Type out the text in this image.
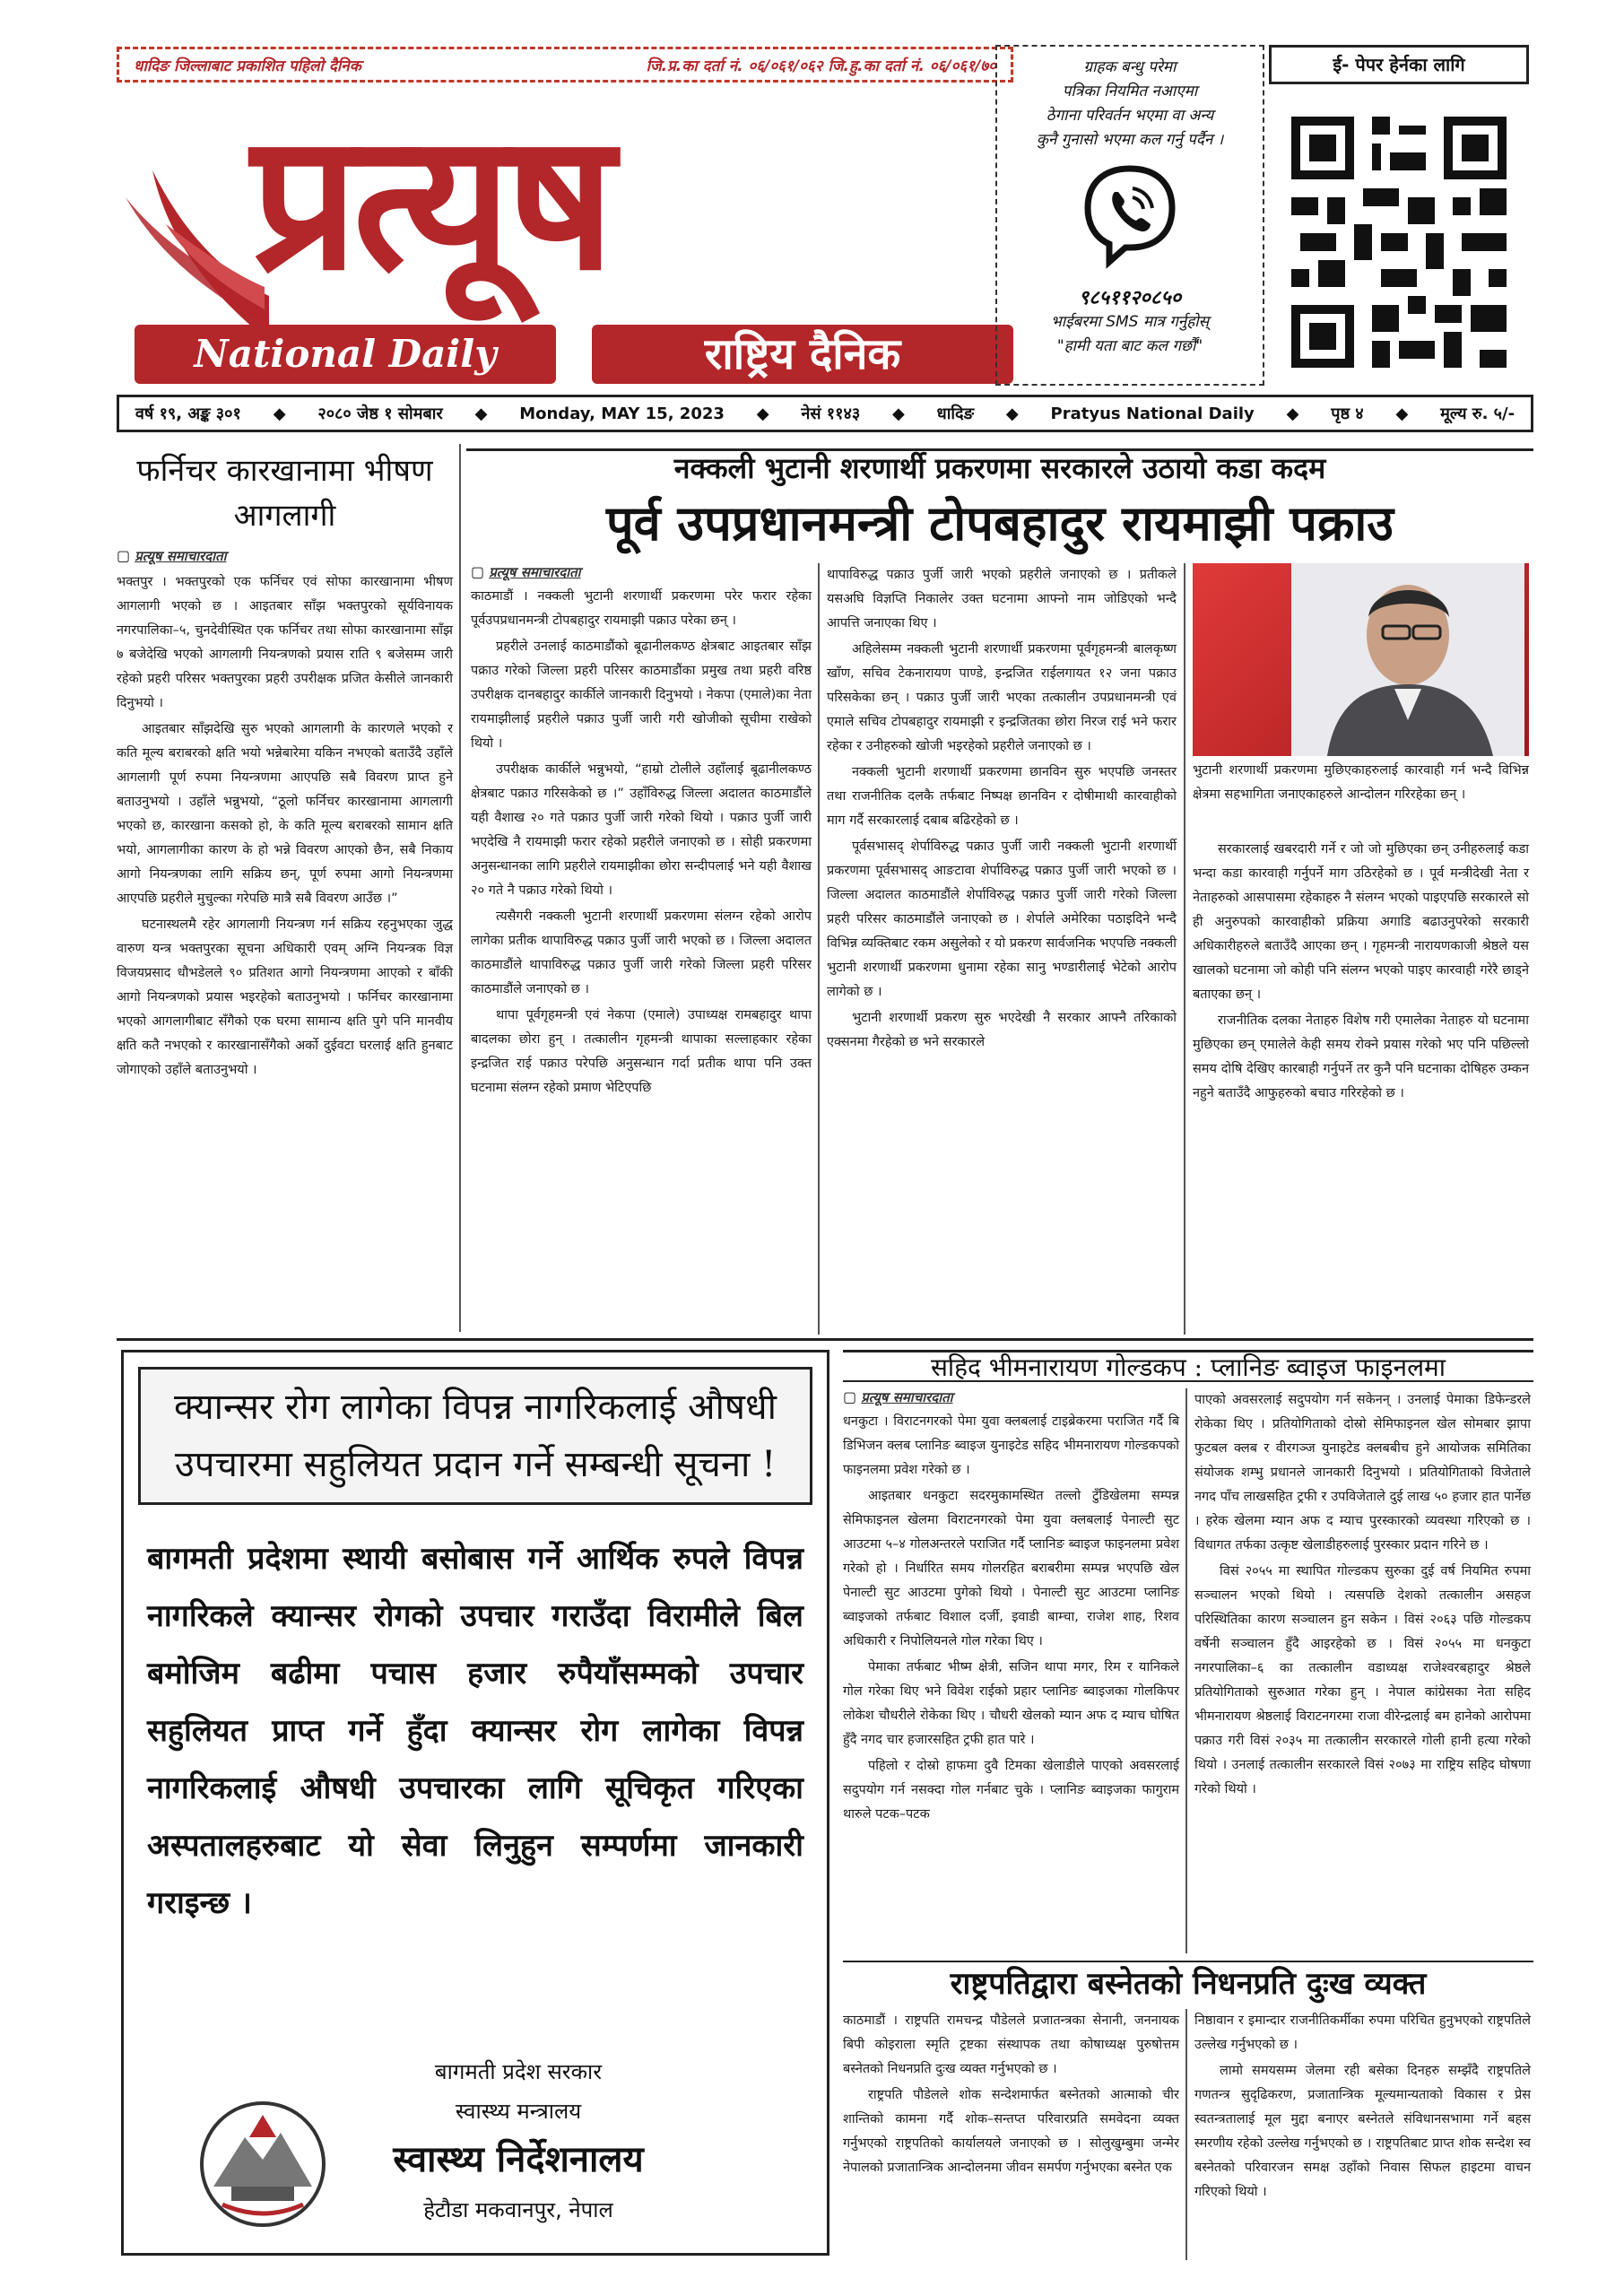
धादिङ जिल्लाबाट प्रकाशित पहिलो दैनिक	जि.प्र.का दर्ता नं. ०६/०६१/०६२ जि.हु.का दर्ता नं. ०६/०६१/७०
प्रत्यूष
National Daily	राष्ट्रिय दैनिक
ग्राहक बन्धु परेमा
पत्रिका नियमित नआएमा
ठेगाना परिवर्तन भएमा वा अन्य
कुनै गुनासो भएमा कल गर्नु पर्दैन ।
९८५११२०८५०
भाईबरमा SMS मात्र गर्नुहोस्
"हामी यता बाट कल गर्छौं"
ई- पेपर हेर्नका लागि
वर्ष १९, अङ्क ३०१ ◆ २०८० जेष्ठ १ सोमबार ◆ Monday, MAY 15, 2023 ◆ नेसं ११४३ ◆ धादिङ ◆ Pratyus National Daily ◆ पृष्ठ ४ ◆ मूल्य रु. ५/-
फर्निचर कारखानामा भीषण आगलागी
▢ प्रत्यूष समाचारदाता

भक्तपुर । भक्तपुरको एक फर्निचर एवं सोफा कारखानामा भीषण आगलागी भएको छ । आइतबार साँझ भक्तपुरको सूर्यविनायक नगरपालिका–५, चुनदेवीस्थित एक फर्निचर तथा सोफा कारखानामा साँझ ७ बजेदेखि भएको आगलागी नियन्त्रणको प्रयास राति ९ बजेसम्म जारी रहेको प्रहरी परिसर भक्तपुरका प्रहरी उपरीक्षक प्रजित केसीले जानकारी दिनुभयो ।

आइतबार साँझदेखि सुरु भएको आगलागी के कारणले भएको र कति मूल्य बराबरको क्षति भयो भन्नेबारेमा यकिन नभएको बताउँदै उहाँले आगलागी पूर्ण रुपमा नियन्त्रणमा आएपछि सबै विवरण प्राप्त हुने बताउनुभयो । उहाँले भन्नुभयो, “ठूलो फर्निचर कारखानामा आगलागी भएको छ, कारखाना कसको हो, के कति मूल्य बराबरको सामान क्षति भयो, आगलागीका कारण के हो भन्ने विवरण आएको छैन, सबै निकाय आगो नियन्त्रणका लागि सक्रिय छन्, पूर्ण रुपमा आगो नियन्त्रणमा आएपछि प्रहरीले मुचुल्का गरेपछि मात्रै सबै विवरण आउँछ ।”

घटनास्थलमै रहेर आगलागी नियन्त्रण गर्न सक्रिय रहनुभएका जुद्ध वारुण यन्त्र भक्तपुरका सूचना अधिकारी एवम् अग्नि नियन्त्रक विज्ञ विजयप्रसाद धौभडेलले ९० प्रतिशत आगो नियन्त्रणमा आएको र बाँकी आगो नियन्त्रणको प्रयास भइरहेको बताउनुभयो । फर्निचर कारखानामा भएको आगलागीबाट सँगैको एक घरमा सामान्य क्षति पुगे पनि मानवीय क्षति कतै नभएको र कारखानासँगैको अर्को दुईवटा घरलाई क्षति हुनबाट जोगाएको उहाँले बताउनुभयो ।

नक्कली भुटानी शरणार्थी प्रकरणमा सरकारले उठायो कडा कदम
पूर्व उपप्रधानमन्त्री टोपबहादुर रायमाझी पक्राउ
▢ प्रत्यूष समाचारदाता

काठमाडौं । नक्कली भुटानी शरणार्थी प्रकरणमा परेर फरार रहेका पूर्वउपप्रधानमन्त्री टोपबहादुर रायमाझी पक्राउ परेका छन् ।

प्रहरीले उनलाई काठमाडौंको बूढानीलकण्ठ क्षेत्रबाट आइतबार साँझ पक्राउ गरेको जिल्ला प्रहरी परिसर काठमाडौंका प्रमुख तथा प्रहरी वरिष्ठ उपरीक्षक दानबहादुर कार्कीले जानकारी दिनुभयो । नेकपा (एमाले)का नेता रायमाझीलाई प्रहरीले पक्राउ पुर्जी जारी गरी खोजीको सूचीमा राखेको थियो ।

उपरीक्षक कार्कीले भन्नुभयो, “हाम्रो टोलीले उहाँलाई बूढानीलकण्ठ क्षेत्रबाट पक्राउ गरिसकेको छ ।” उहाँविरुद्ध जिल्ला अदालत काठमाडौंले यही वैशाख २० गते पक्राउ पुर्जी जारी गरेको थियो । पक्राउ पुर्जी जारी भएदेखि नै रायमाझी फरार रहेको प्रहरीले जनाएको छ । सोही प्रकरणमा अनुसन्धानका लागि प्रहरीले रायमाझीका छोरा सन्दीपलाई भने यही वैशाख २० गते नै पक्राउ गरेको थियो ।

त्यसैगरी नक्कली भुटानी शरणार्थी प्रकरणमा संलग्न रहेको आरोप लागेका प्रतीक थापाविरुद्ध पक्राउ पुर्जी जारी भएको छ । जिल्ला अदालत काठमाडौंले थापाविरुद्ध पक्राउ पुर्जी जारी गरेको जिल्ला प्रहरी परिसर काठमाडौंले जनाएको छ ।

थापा पूर्वगृहमन्त्री एवं नेकपा (एमाले) उपाध्यक्ष रामबहादुर थापा बादलका छोरा हुन् । तत्कालीन गृहमन्त्री थापाका सल्लाहकार रहेका इन्द्रजित राई पक्राउ परेपछि अनुसन्धान गर्दा प्रतीक थापा पनि उक्त घटनामा संलग्न रहेको प्रमाण भेटिएपछि

थापाविरुद्ध पक्राउ पुर्जी जारी भएको प्रहरीले जनाएको छ । प्रतीकले यसअघि विज्ञप्ति निकालेर उक्त घटनामा आफ्नो नाम जोडिएको भन्दै आपत्ति जनाएका थिए ।

अहिलेसम्म नक्कली भुटानी शरणार्थी प्रकरणमा पूर्वगृहमन्त्री बालकृष्ण खाँण, सचिव टेकनारायण पाण्डे, इन्द्रजित राईलगायत १२ जना पक्राउ परिसकेका छन् । पक्राउ पुर्जी जारी भएका तत्कालीन उपप्रधानमन्त्री एवं एमाले सचिव टोपबहादुर रायमाझी र इन्द्रजितका छोरा निरज राई भने फरार रहेका र उनीहरुको खोजी भइरहेको प्रहरीले जनाएको छ ।

नक्कली भुटानी शरणार्थी प्रकरणमा छानविन सुरु भएपछि जनस्तर तथा राजनीतिक दलकै तर्फबाट निष्पक्ष छानविन र दोषीमाथी कारवाहीको माग गर्दै सरकारलाई दबाब बढिरहेको छ ।

पूर्वसभासद् शेर्पाविरुद्ध पक्राउ पुर्जी जारी नक्कली भुटानी शरणार्थी प्रकरणमा पूर्वसभासद् आङटावा शेर्पाविरुद्ध पक्राउ पुर्जी जारी भएको छ । जिल्ला अदालत काठमाडौंले शेर्पाविरुद्ध पक्राउ पुर्जी जारी गरेको जिल्ला प्रहरी परिसर काठमाडौंले जनाएको छ । शेर्पाले अमेरिका पठाइदिने भन्दै विभिन्न व्यक्तिबाट रकम असुलेको र यो प्रकरण सार्वजनिक भएपछि नक्कली भुटानी शरणार्थी प्रकरणमा धुनामा रहेका सानु भण्डारीलाई भेटेको आरोप लागेको छ ।

भुटानी शरणार्थी प्रकरण सुरु भएदेखी नै सरकार आफ्नै तरिकाको एक्सनमा गैरहेको छ भने सरकारले

भुटानी शरणार्थी प्रकरणमा मुछिएकाहरुलाई कारवाही गर्न भन्दै विभिन्न क्षेत्रमा सहभागिता जनाएकाहरुले आन्दोलन गरिरहेका छन् ।

सरकारलाई खबरदारी गर्ने र जो जो मुछिएका छन् उनीहरुलाई कडा भन्दा कडा कारवाही गर्नुपर्ने माग उठिरहेको छ । पूर्व मन्त्रीदेखी नेता र नेताहरुको आसपासमा रहेकाहरु नै संलग्न भएको पाइएपछि सरकारले सो ही अनुरुपको कारवाहीको प्रक्रिया अगाडि बढाउनुपरेको सरकारी अधिकारीहरुले बताउँदै आएका छन् । गृहमन्त्री नारायणकाजी श्रेष्ठले यस खालको घटनामा जो कोही पनि संलग्न भएको पाइए कारवाही गरेरै छाड्ने बताएका छन् ।

राजनीतिक दलका नेताहरु विशेष गरी एमालेका नेताहरु यो घटनामा मुछिएका छन् एमालेले केही समय रोक्ने प्रयास गरेको भए पनि पछिल्लो समय दोषि देखिए कारबाही गर्नुपर्ने तर कुनै पनि घटनाका दोषिहरु उम्कन नहुने बताउँदै आफुहरुको बचाउ गरिरहेको छ ।

क्यान्सर रोग लागेका विपन्न नागरिकलाई औषधी उपचारमा सहुलियत प्रदान गर्ने सम्बन्धी सूचना !
बागमती प्रदेशमा स्थायी बसोबास गर्ने आर्थिक रुपले विपन्न नागरिकले क्यान्सर रोगको उपचार गराउँदा विरामीले बिल बमोजिम बढीमा पचास हजार रुपैयाँसम्मको उपचार सहुलियत प्राप्त गर्ने हुँदा क्यान्सर रोग लागेका विपन्न नागरिकलाई औषधी उपचारका लागि सूचिकृत गरिएका अस्पतालहरुबाट यो सेवा लिनुहुन सम्पर्णमा जानकारी गराइन्छ ।
बागमती प्रदेश सरकार
स्वास्थ्य मन्त्रालय
स्वास्थ्य निर्देशनालय
हेटौडा मकवानपुर, नेपाल
सहिद भीमनारायण गोल्डकप : प्लानिङ ब्वाइज फाइनलमा
▢ प्रत्यूष समाचारदाता

धनकुटा । विराटनगरको पेमा युवा क्लबलाई टाइब्रेकरमा पराजित गर्दै बि डिभिजन क्लब प्लानिङ ब्वाइज युनाइटेड सहिद भीमनारायण गोल्डकपको फाइनलमा प्रवेश गरेको छ ।

आइतबार धनकुटा सदरमुकामस्थित तल्लो टुँडिखेलमा सम्पन्न सेमिफाइनल खेलमा विराटनगरको पेमा युवा क्लबलाई पेनाल्टी सुट आउटमा ५–४ गोलअन्तरले पराजित गर्दै प्लानिङ ब्वाइज फाइनलमा प्रवेश गरेको हो । निर्धारित समय गोलरहित बराबरीमा सम्पन्न भएपछि खेल पेनाल्टी सुट आउटमा पुगेको थियो । पेनाल्टी सुट आउटमा प्लानिङ ब्वाइजको तर्फबाट विशाल दर्जी, इवाडी बाम्चा, राजेश शाह, रिशव अधिकारी र निपोलियनले गोल गरेका थिए ।

पेमाका तर्फबाट भीष्म क्षेत्री, सजिन थापा मगर, रिम र यानिकले गोल गरेका थिए भने विवेश राईको प्रहार प्लानिङ ब्वाइजका गोलकिपर लोकेश चौधरीले रोकेका थिए । चौधरी खेलको म्यान अफ द म्याच घोषित हुँदै नगद चार हजारसहित ट्रफी हात पारे ।

पहिलो र दोस्रो हाफमा दुवै टिमका खेलाडीले पाएको अवसरलाई सदुपयोग गर्न नसक्दा गोल गर्नबाट चुके । प्लानिङ ब्वाइजका फागुराम थारुले पटक–पटक

पाएको अवसरलाई सदुपयोग गर्न सकेनन् । उनलाई पेमाका डिफेन्डरले रोकेका थिए । प्रतियोगिताको दोस्रो सेमिफाइनल खेल सोमबार झापा फुटबल क्लब र वीरगञ्ज युनाइटेड क्लबबीच हुने आयोजक समितिका संयोजक शम्भु प्रधानले जानकारी दिनुभयो । प्रतियोगिताको विजेताले नगद पाँच लाखसहित ट्रफी र उपविजेताले दुई लाख ५० हजार हात पार्नेछ । हरेक खेलमा म्यान अफ द म्याच पुरस्कारको व्यवस्था गरिएको छ । विधागत तर्फका उत्कृष्ट खेलाडीहरुलाई पुरस्कार प्रदान गरिने छ ।

विसं २०५५ मा स्थापित गोल्डकप सुरुका दुई वर्ष नियमित रुपमा सञ्चालन भएको थियो । त्यसपछि देशको तत्कालीन असहज परिस्थितिका कारण सञ्चालन हुन सकेन । विसं २०६३ पछि गोल्डकप वर्षेनी सञ्चालन हुँदै आइरहेको छ । विसं २०५५ मा धनकुटा नगरपालिका–६ का तत्कालीन वडाध्यक्ष राजेश्वरबहादुर श्रेष्ठले प्रतियोगिताको सुरुआत गरेका हुन् । नेपाल कांग्रेसका नेता सहिद भीमनारायण श्रेष्ठलाई विराटनगरमा राजा वीरेन्द्रलाई बम हानेको आरोपमा पक्राउ गरी विसं २०३५ मा तत्कालीन सरकारले गोली हानी हत्या गरेको थियो । उनलाई तत्कालीन सरकारले विसं २०७३ मा राष्ट्रिय सहिद घोषणा गरेको थियो ।

राष्ट्रपतिद्वारा बस्नेतको निधनप्रति दुःख व्यक्त

काठमाडौं । राष्ट्रपति रामचन्द्र पौडेलले प्रजातन्त्रका सेनानी, जननायक बिपी कोइराला स्मृति ट्रष्टका संस्थापक तथा कोषाध्यक्ष पुरुषोत्तम बस्नेतको निधनप्रति दुःख व्यक्त गर्नुभएको छ ।

राष्ट्रपति पौडेलले शोक सन्देशमार्फत बस्नेतको आत्माको चीर शान्तिको कामना गर्दै शोक–सन्तप्त परिवारप्रति समवेदना व्यक्त गर्नुभएको राष्ट्रपतिको कार्यालयले जनाएको छ । सोलुखुम्बुमा जन्मेर नेपालको प्रजातान्त्रिक आन्दोलनमा जीवन समर्पण गर्नुभएका बस्नेत एक

निष्ठावान र इमान्दार राजनीतिकर्मीका रुपमा परिचित हुनुभएको राष्ट्रपतिले उल्लेख गर्नुभएको छ ।

लामो समयसम्म जेलमा रही बसेका दिनहरु सम्झँदै राष्ट्रपतिले गणतन्त्र सुदृढिकरण, प्रजातान्त्रिक मूल्यमान्यताको विकास र प्रेस स्वतन्त्रतालाई मूल मुद्दा बनाएर बस्नेतले संविधानसभामा गर्ने बहस स्मरणीय रहेको उल्लेख गर्नुभएको छ । राष्ट्रपतिबाट प्राप्त शोक सन्देश स्व बस्नेतको परिवारजन समक्ष उहाँको निवास सिफल हाइटमा वाचन गरिएको थियो ।
